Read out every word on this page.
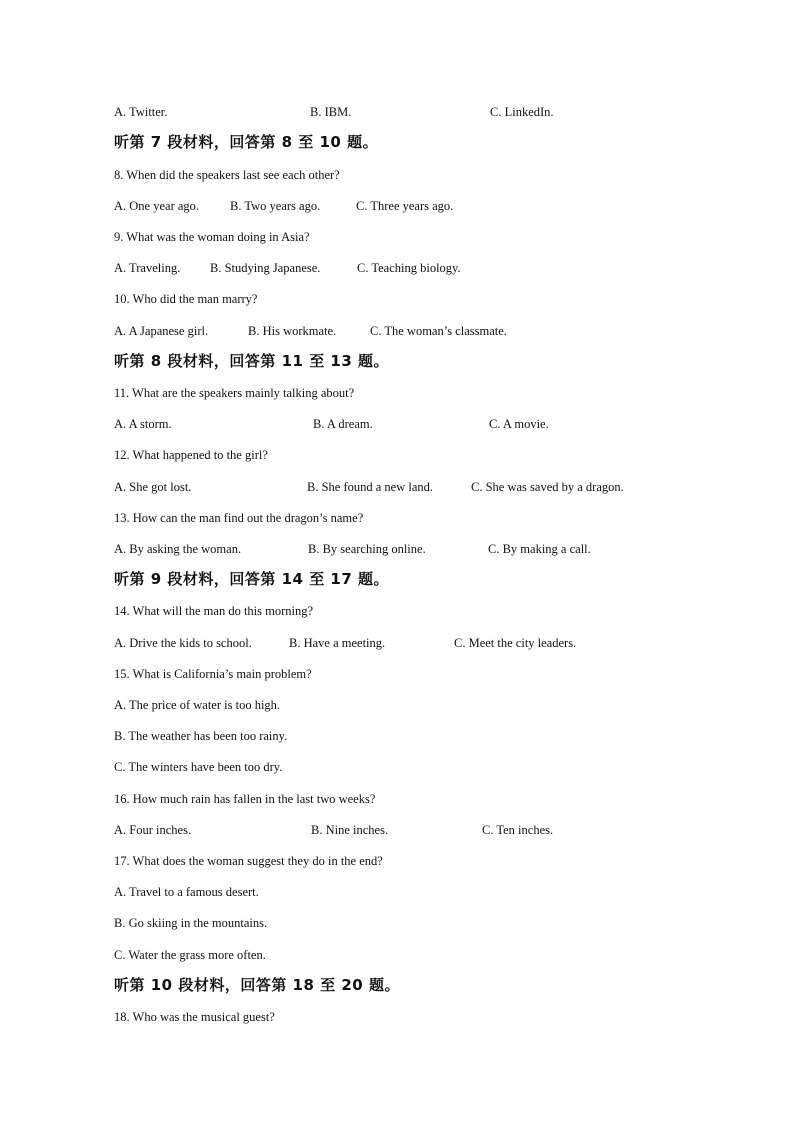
A. Twitter.	B. IBM.	C. LinkedIn.
听第 7 段材料，回答第 8 至 10 题。
8. When did the speakers last see each other?
A. One year ago. B. Two years ago.	C. Three years ago.
9. What was the woman doing in Asia?
A. Traveling. B. Studying Japanese.	C. Teaching biology.
10. Who did the man marry?
A. A Japanese girl.	B. His workmate.	C. The woman’s classmate.
听第 8 段材料，回答第 11 至 13 题。
11. What are the speakers mainly talking about?
A. A storm.	B. A dream.	C. A movie.
12. What happened to the girl?
A. She got lost.	B. She found a new land.	C. She was saved by a dragon.
13. How can the man find out the dragon’s name?
A. By asking the woman.	B. By searching online.	C. By making a call.
听第 9 段材料，回答第 14 至 17 题。
14. What will the man do this morning?
A. Drive the kids to school.	B. Have a meeting.	C. Meet the city leaders.
15. What is California’s main problem?
A. The price of water is too high.
B. The weather has been too rainy.
C. The winters have been too dry.
16. How much rain has fallen in the last two weeks?
A. Four inches.	B. Nine inches.	C. Ten inches.
17. What does the woman suggest they do in the end?
A. Travel to a famous desert.
B. Go skiing in the mountains.
C. Water the grass more often.
听第 10 段材料，回答第 18 至 20 题。
18. Who was the musical guest?
